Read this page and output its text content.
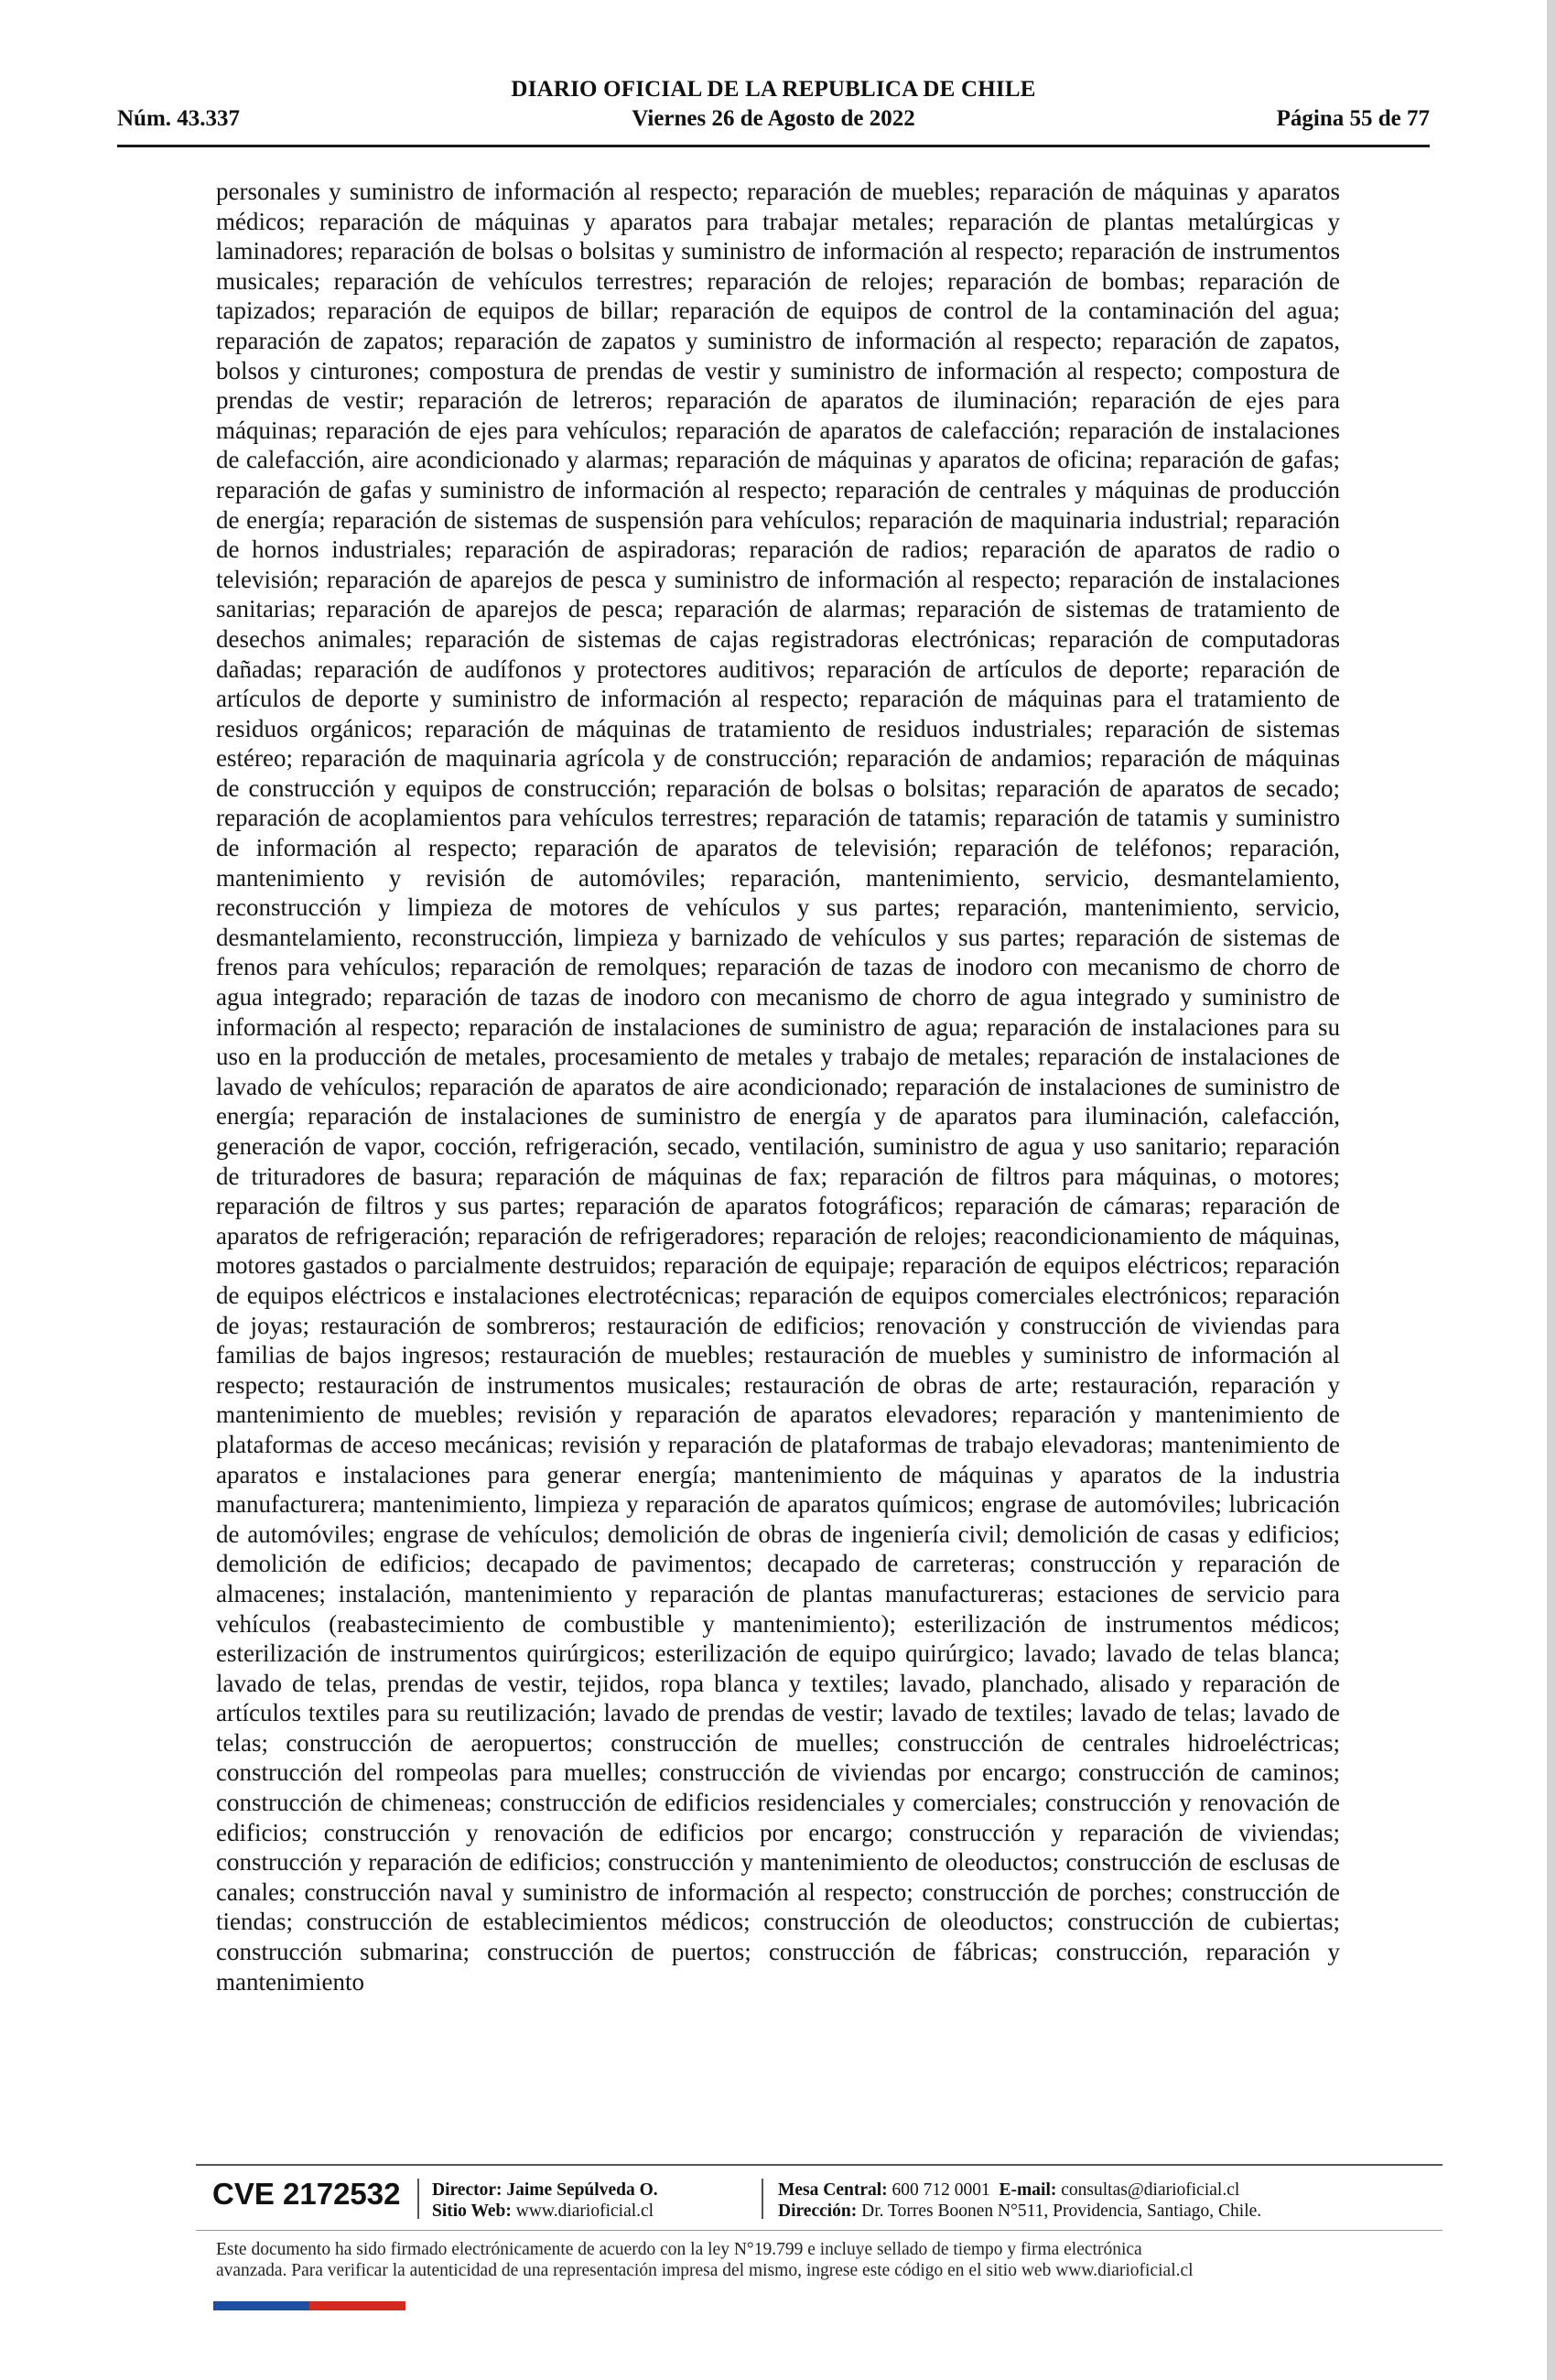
DIARIO OFICIAL DE LA REPUBLICA DE CHILE
Núm. 43.337	Viernes 26 de Agosto de 2022	Página 55 de 77

personales y suministro de información al respecto; reparación de muebles; reparación de máquinas y aparatos médicos; reparación de máquinas y aparatos para trabajar metales; reparación de plantas metalúrgicas y laminadores; reparación de bolsas o bolsitas y suministro de información al respecto; reparación de instrumentos musicales; reparación de vehículos terrestres; reparación de relojes; reparación de bombas; reparación de tapizados; reparación de equipos de billar; reparación de equipos de control de la contaminación del agua; reparación de zapatos; reparación de zapatos y suministro de información al respecto; reparación de zapatos, bolsos y cinturones; compostura de prendas de vestir y suministro de información al respecto; compostura de prendas de vestir; reparación de letreros; reparación de aparatos de iluminación; reparación de ejes para máquinas; reparación de ejes para vehículos; reparación de aparatos de calefacción; reparación de instalaciones de calefacción, aire acondicionado y alarmas; reparación de máquinas y aparatos de oficina; reparación de gafas; reparación de gafas y suministro de información al respecto; reparación de centrales y máquinas de producción de energía; reparación de sistemas de suspensión para vehículos; reparación de maquinaria industrial; reparación de hornos industriales; reparación de aspiradoras; reparación de radios; reparación de aparatos de radio o televisión; reparación de aparejos de pesca y suministro de información al respecto; reparación de instalaciones sanitarias; reparación de aparejos de pesca; reparación de alarmas; reparación de sistemas de tratamiento de desechos animales; reparación de sistemas de cajas registradoras electrónicas; reparación de computadoras dañadas; reparación de audífonos y protectores auditivos; reparación de artículos de deporte; reparación de artículos de deporte y suministro de información al respecto; reparación de máquinas para el tratamiento de residuos orgánicos; reparación de máquinas de tratamiento de residuos industriales; reparación de sistemas estéreo; reparación de maquinaria agrícola y de construcción; reparación de andamios; reparación de máquinas de construcción y equipos de construcción; reparación de bolsas o bolsitas; reparación de aparatos de secado; reparación de acoplamientos para vehículos terrestres; reparación de tatamis; reparación de tatamis y suministro de información al respecto; reparación de aparatos de televisión; reparación de teléfonos; reparación, mantenimiento y revisión de automóviles; reparación, mantenimiento, servicio, desmantelamiento, reconstrucción y limpieza de motores de vehículos y sus partes; reparación, mantenimiento, servicio, desmantelamiento, reconstrucción, limpieza y barnizado de vehículos y sus partes; reparación de sistemas de frenos para vehículos; reparación de remolques; reparación de tazas de inodoro con mecanismo de chorro de agua integrado; reparación de tazas de inodoro con mecanismo de chorro de agua integrado y suministro de información al respecto; reparación de instalaciones de suministro de agua; reparación de instalaciones para su uso en la producción de metales, procesamiento de metales y trabajo de metales; reparación de instalaciones de lavado de vehículos; reparación de aparatos de aire acondicionado; reparación de instalaciones de suministro de energía; reparación de instalaciones de suministro de energía y de aparatos para iluminación, calefacción, generación de vapor, cocción, refrigeración, secado, ventilación, suministro de agua y uso sanitario; reparación de trituradores de basura; reparación de máquinas de fax; reparación de filtros para máquinas, o motores; reparación de filtros y sus partes; reparación de aparatos fotográficos; reparación de cámaras; reparación de aparatos de refrigeración; reparación de refrigeradores; reparación de relojes; reacondicionamiento de máquinas, motores gastados o parcialmente destruidos; reparación de equipaje; reparación de equipos eléctricos; reparación de equipos eléctricos e instalaciones electrotécnicas; reparación de equipos comerciales electrónicos; reparación de joyas; restauración de sombreros; restauración de edificios; renovación y construcción de viviendas para familias de bajos ingresos; restauración de muebles; restauración de muebles y suministro de información al respecto; restauración de instrumentos musicales; restauración de obras de arte; restauración, reparación y mantenimiento de muebles; revisión y reparación de aparatos elevadores; reparación y mantenimiento de plataformas de acceso mecánicas; revisión y reparación de plataformas de trabajo elevadoras; mantenimiento de aparatos e instalaciones para generar energía; mantenimiento de máquinas y aparatos de la industria manufacturera; mantenimiento, limpieza y reparación de aparatos químicos; engrase de automóviles; lubricación de automóviles; engrase de vehículos; demolición de obras de ingeniería civil; demolición de casas y edificios; demolición de edificios; decapado de pavimentos; decapado de carreteras; construcción y reparación de almacenes; instalación, mantenimiento y reparación de plantas manufactureras; estaciones de servicio para vehículos (reabastecimiento de combustible y mantenimiento); esterilización de instrumentos médicos; esterilización de instrumentos quirúrgicos; esterilización de equipo quirúrgico; lavado; lavado de telas blanca; lavado de telas, prendas de vestir, tejidos, ropa blanca y textiles; lavado, planchado, alisado y reparación de artículos textiles para su reutilización; lavado de prendas de vestir; lavado de textiles; lavado de telas; lavado de telas; construcción de aeropuertos; construcción de muelles; construcción de centrales hidroeléctricas; construcción del rompeolas para muelles; construcción de viviendas por encargo; construcción de caminos; construcción de chimeneas; construcción de edificios residenciales y comerciales; construcción y renovación de edificios; construcción y renovación de edificios por encargo; construcción y reparación de viviendas; construcción y reparación de edificios; construcción y mantenimiento de oleoductos; construcción de esclusas de canales; construcción naval y suministro de información al respecto; construcción de porches; construcción de tiendas; construcción de establecimientos médicos; construcción de oleoductos; construcción de cubiertas; construcción submarina; construcción de puertos; construcción de fábricas; construcción, reparación y mantenimiento

CVE 2172532 Director: Jaime Sepúlveda O.
Sitio Web: www.diarioficial.cl
Mesa Central: 600 712 0001 E-mail: consultas@diarioficial.cl
Dirección: Dr. Torres Boonen N°511, Providencia, Santiago, Chile.
Este documento ha sido firmado electrónicamente de acuerdo con la ley N°19.799 e incluye sellado de tiempo y firma electrónica
avanzada. Para verificar la autenticidad de una representación impresa del mismo, ingrese este código en el sitio web www.diarioficial.cl
